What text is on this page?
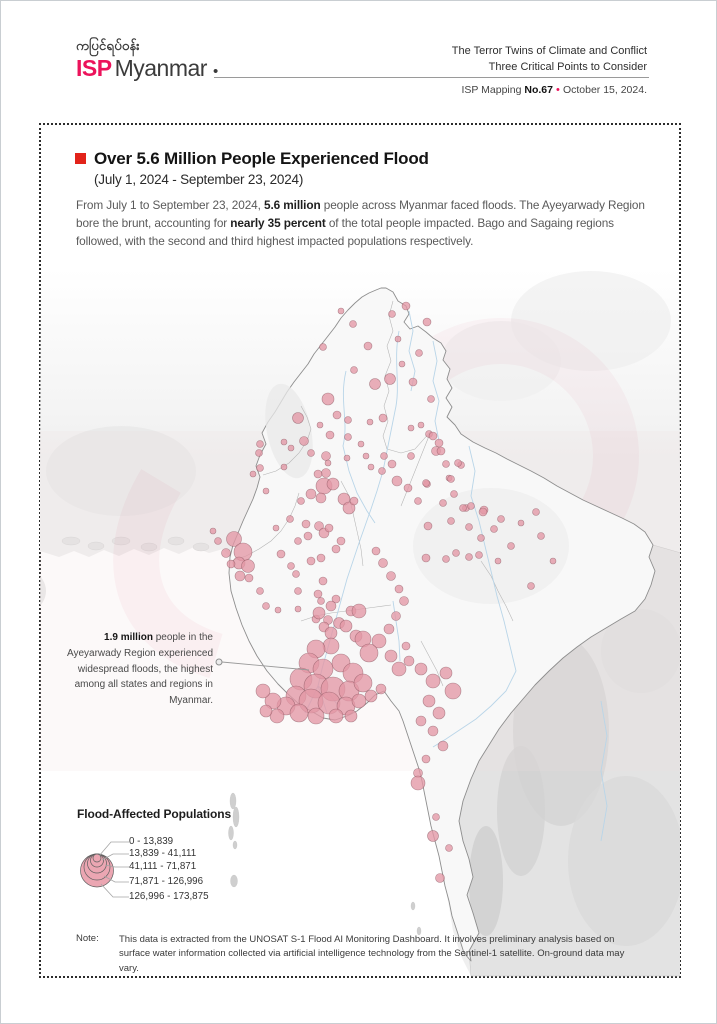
ကပြင်ရပ်ဝန်း
ISP Myanmar •
The Terror Twins of Climate and Conflict
Three Critical Points to Consider
ISP Mapping No.67 • October 15, 2024.
Over 5.6 Million People Experienced Flood
(July 1, 2024 - September 23, 2024)
From July 1 to September 23, 2024, 5.6 million people across Myanmar faced floods. The Ayeyarwady Region bore the brunt, accounting for nearly 35 percent of the total people impacted. Bago and Sagaing regions followed, with the second and third highest impacted populations respectively.
1.9 million people in the Ayeyarwady Region experienced widespread floods, the highest among all states and regions in Myanmar.
Flood-Affected Populations
0 - 13,839
13,839 - 41,111
41,111 - 71,871
71,871 - 126,996
126,996 - 173,875
Note: This data is extracted from the UNOSAT S-1 Flood AI Monitoring Dashboard. It involves preliminary analysis based on surface water information collected via artificial intelligence technology from the Sentinel-1 satellite. On-ground data may vary.
